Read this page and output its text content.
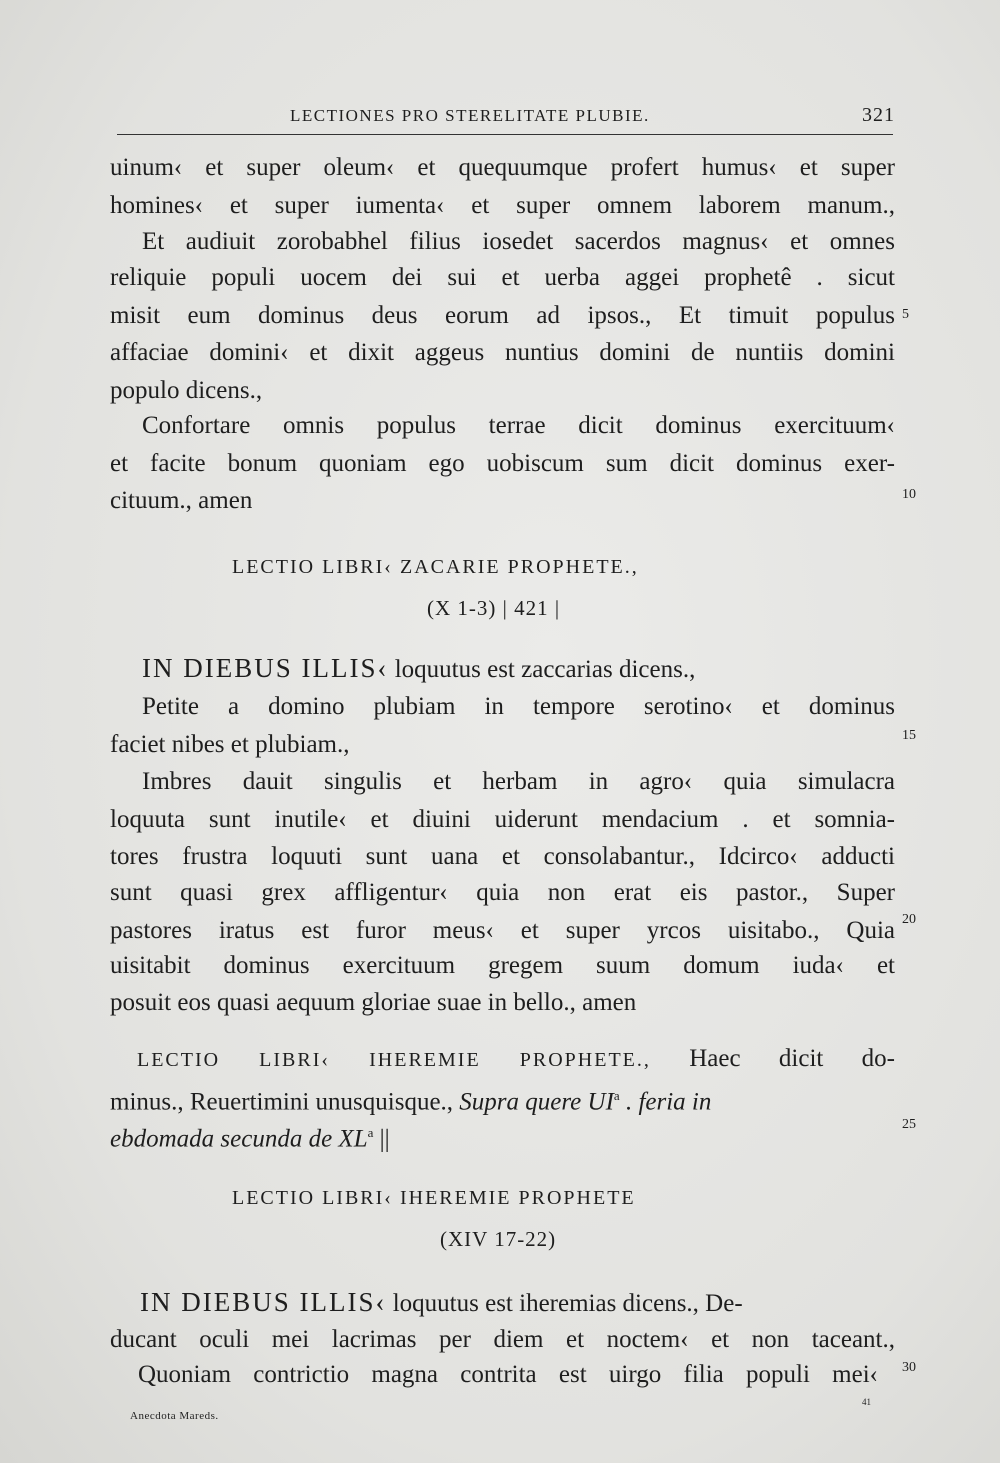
LECTIONES PRO STERELITATE PLUBIE.	321
uinum‹ et super oleum‹ et quequumque profert humus‹ et super
homines‹ et super iumenta‹ et super omnem laborem manum.,
Et audiuit zorobabhel filius iosedet sacerdos magnus‹ et omnes
reliquie populi uocem dei sui et uerba aggei prophetê . sicut
misit eum dominus deus eorum ad ipsos., Et timuit populus
affaciae domini‹ et dixit aggeus nuntius domini de nuntiis domini
populo dicens.,
Confortare omnis populus terrae dicit dominus exercituum‹
et facite bonum quoniam ego uobiscum sum dicit dominus exer-
cituum., amen
LECTIO LIBRI‹ ZACARIE PROPHETE.,
(X 1-3) | 421 |
IN DIEBUS ILLIS‹ loquutus est zaccarias dicens.,
Petite a domino plubiam in tempore serotino‹ et dominus
faciet nibes et plubiam.,
Imbres dauit singulis et herbam in agro‹ quia simulacra
loquuta sunt inutile‹ et diuini uiderunt mendacium . et somnia-
tores frustra loquuti sunt uana et consolabantur., Idcirco‹ adducti
sunt quasi grex affligentur‹ quia non erat eis pastor., Super
pastores iratus est furor meus‹ et super yrcos uisitabo., Quia
uisitabit dominus exercituum gregem suum domum iuda‹ et
posuit eos quasi aequum gloriae suae in bello., amen
LECTIO LIBRI‹ IHEREMIE PROPHETE., Haec dicit do-
minus., Reuertimini unusquisque., Supra quere $UI^a$ . feria in
ebdomada secunda de $XL^a$ ||
LECTIO LIBRI‹ IHEREMIE PROPHETE
(XIV 17-22)
IN DIEBUS ILLIS‹ loquutus est iheremias dicens., De-
ducant oculi mei lacrimas per diem et noctem‹ et non taceant.,
Quoniam contrictio magna contrita est uirgo filia populi mei‹
5
10
15
20
25
30
Anecdota Mareds.
41
